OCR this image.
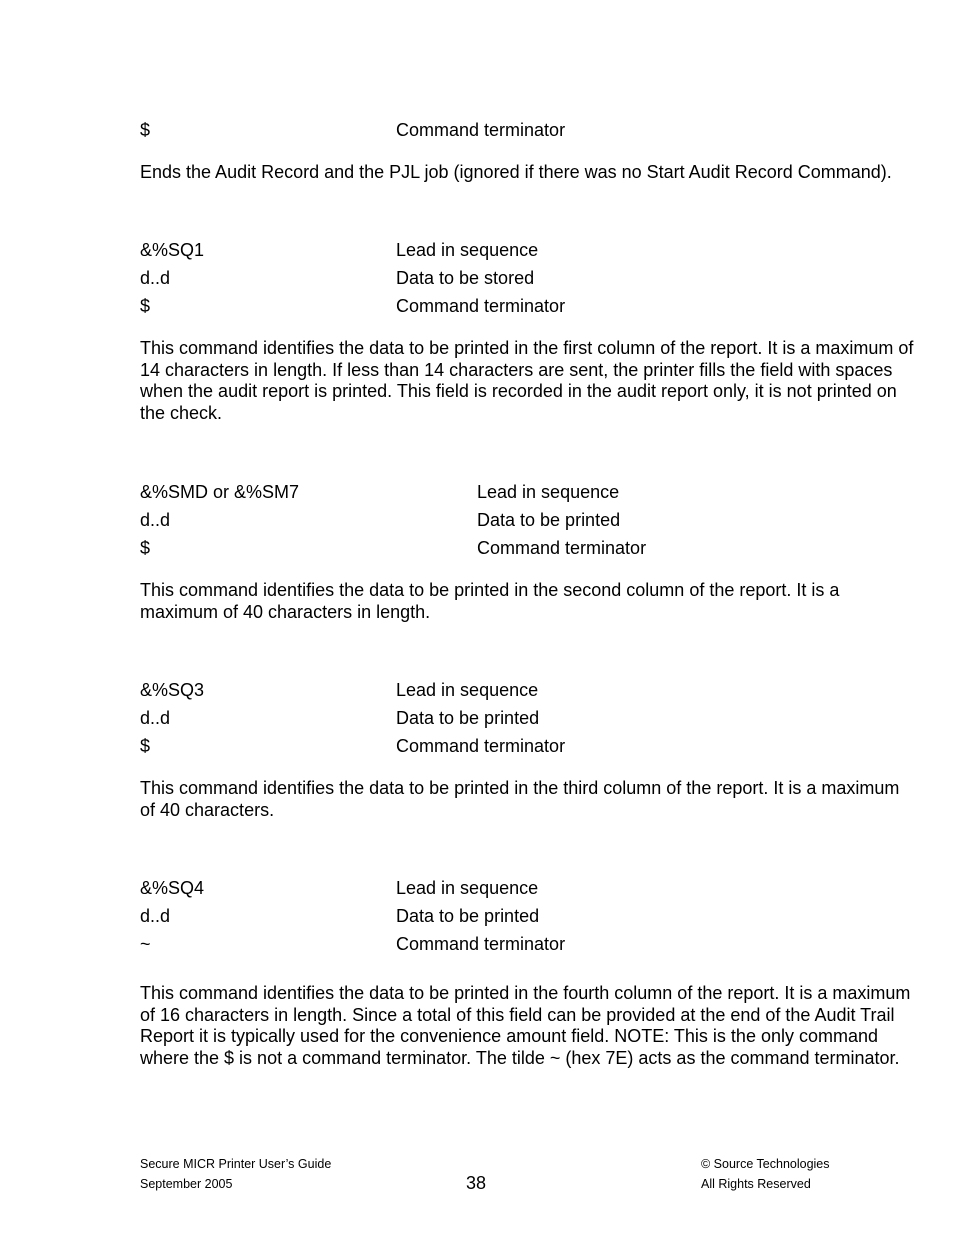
$	Command terminator

Ends the Audit Record and the PJL job (ignored if there was no Start Audit Record Command).

&%SQ1	Lead in sequence
d..d	Data to be stored
$	Command terminator

This command identifies the data to be printed in the first column of the report. It is a maximum of 14 characters in length. If less than 14 characters are sent, the printer fills the field with spaces when the audit report is printed. This field is recorded in the audit report only, it is not printed on the check.

&%SMD or &%SM7	Lead in sequence
d..d	Data to be printed
$	Command terminator

This command identifies the data to be printed in the second column of the report. It is a maximum of 40 characters in length.

&%SQ3	Lead in sequence
d..d	Data to be printed
$	Command terminator

This command identifies the data to be printed in the third column of the report. It is a maximum of 40 characters.

&%SQ4	Lead in sequence
d..d	Data to be printed
~	Command terminator

This command identifies the data to be printed in the fourth column of the report. It is a maximum of 16 characters in length. Since a total of this field can be provided at the end of the Audit Trail Report it is typically used for the convenience amount field. NOTE: This is the only command where the $ is not a command terminator. The tilde ~ (hex 7E) acts as the command terminator.

Secure MICR Printer User’s Guide
September 2005	38
© Source Technologies
All Rights Reserved
